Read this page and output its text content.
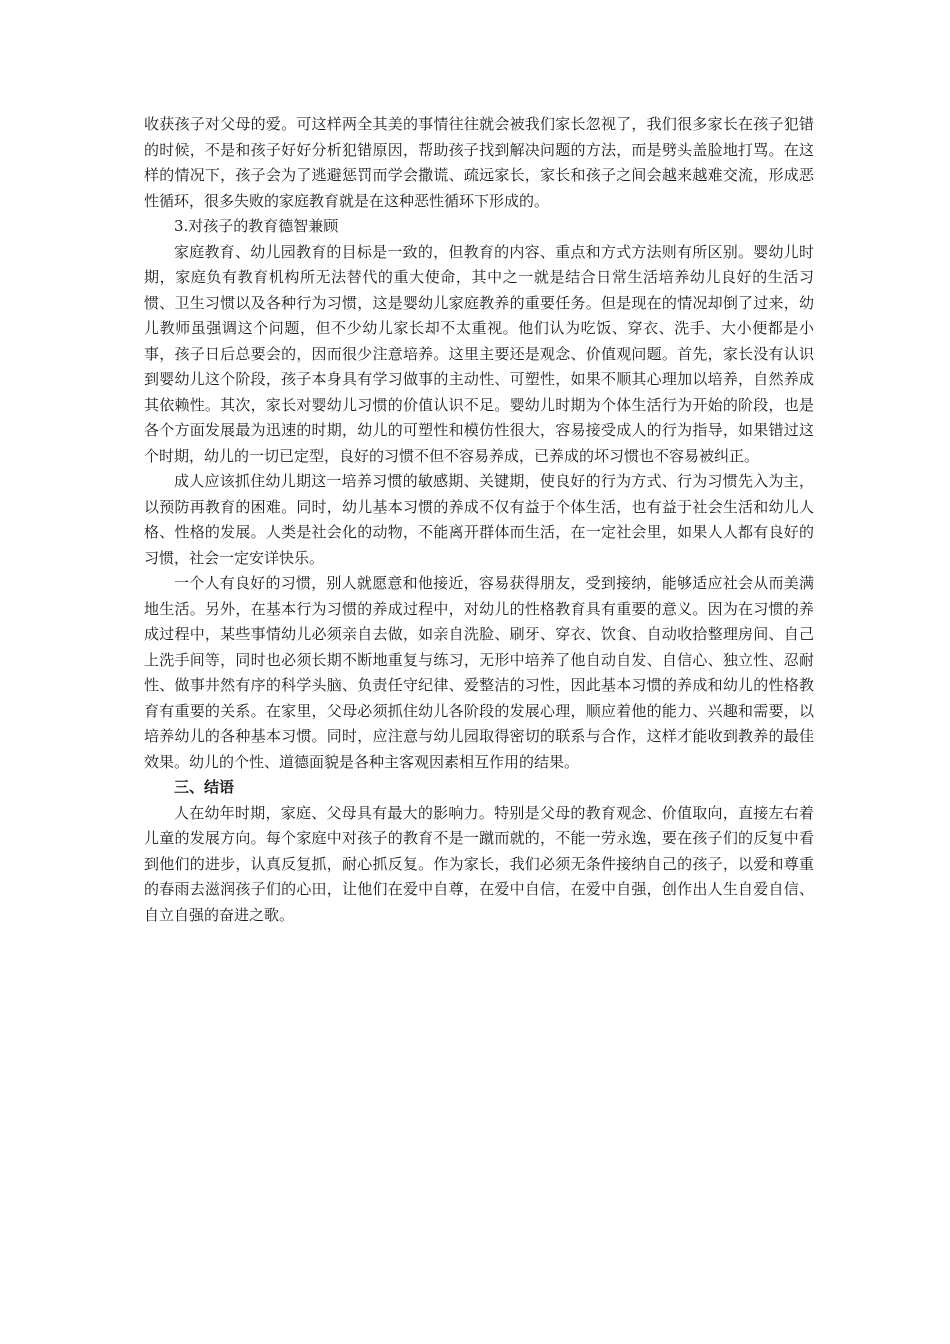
收获孩子对父母的爱。可这样两全其美的事情往往就会被我们家长忽视了，我们很多家长在孩子犯错的时候，不是和孩子好好分析犯错原因，帮助孩子找到解决问题的方法，而是劈头盖脸地打骂。在这样的情况下，孩子会为了逃避惩罚而学会撒谎、疏远家长，家长和孩子之间会越来越难交流，形成恶性循环，很多失败的家庭教育就是在这种恶性循环下形成的。

3.对孩子的教育德智兼顾

家庭教育、幼儿园教育的目标是一致的，但教育的内容、重点和方式方法则有所区别。婴幼儿时期，家庭负有教育机构所无法替代的重大使命，其中之一就是结合日常生活培养幼儿良好的生活习惯、卫生习惯以及各种行为习惯，这是婴幼儿家庭教养的重要任务。但是现在的情况却倒了过来，幼儿教师虽强调这个问题，但不少幼儿家长却不太重视。他们认为吃饭、穿衣、洗手、大小便都是小事，孩子日后总要会的，因而很少注意培养。这里主要还是观念、价值观问题。首先，家长没有认识到婴幼儿这个阶段，孩子本身具有学习做事的主动性、可塑性，如果不顺其心理加以培养，自然养成其依赖性。其次，家长对婴幼儿习惯的价值认识不足。婴幼儿时期为个体生活行为开始的阶段，也是各个方面发展最为迅速的时期，幼儿的可塑性和模仿性很大，容易接受成人的行为指导，如果错过这个时期，幼儿的一切已定型，良好的习惯不但不容易养成，已养成的坏习惯也不容易被纠正。

成人应该抓住幼儿期这一培养习惯的敏感期、关键期，使良好的行为方式、行为习惯先入为主，以预防再教育的困难。同时，幼儿基本习惯的养成不仅有益于个体生活，也有益于社会生活和幼儿人格、性格的发展。人类是社会化的动物，不能离开群体而生活，在一定社会里，如果人人都有良好的习惯，社会一定安详快乐。

一个人有良好的习惯，别人就愿意和他接近，容易获得朋友，受到接纳，能够适应社会从而美满地生活。另外，在基本行为习惯的养成过程中，对幼儿的性格教育具有重要的意义。因为在习惯的养成过程中，某些事情幼儿必须亲自去做，如亲自洗脸、刷牙、穿衣、饮食、自动收拾整理房间、自己上洗手间等，同时也必须长期不断地重复与练习，无形中培养了他自动自发、自信心、独立性、忍耐性、做事井然有序的科学头脑、负责任守纪律、爱整洁的习性，因此基本习惯的养成和幼儿的性格教育有重要的关系。在家里，父母必须抓住幼儿各阶段的发展心理，顺应着他的能力、兴趣和需要，以培养幼儿的各种基本习惯。同时，应注意与幼儿园取得密切的联系与合作，这样才能收到教养的最佳效果。幼儿的个性、道德面貌是各种主客观因素相互作用的结果。

三、结语

人在幼年时期，家庭、父母具有最大的影响力。特别是父母的教育观念、价值取向，直接左右着儿童的发展方向。每个家庭中对孩子的教育不是一蹴而就的，不能一劳永逸，要在孩子们的反复中看到他们的进步，认真反复抓，耐心抓反复。作为家长，我们必须无条件接纳自己的孩子，以爱和尊重的春雨去滋润孩子们的心田，让他们在爱中自尊，在爱中自信，在爱中自强，创作出人生自爱自信、自立自强的奋进之歌。
